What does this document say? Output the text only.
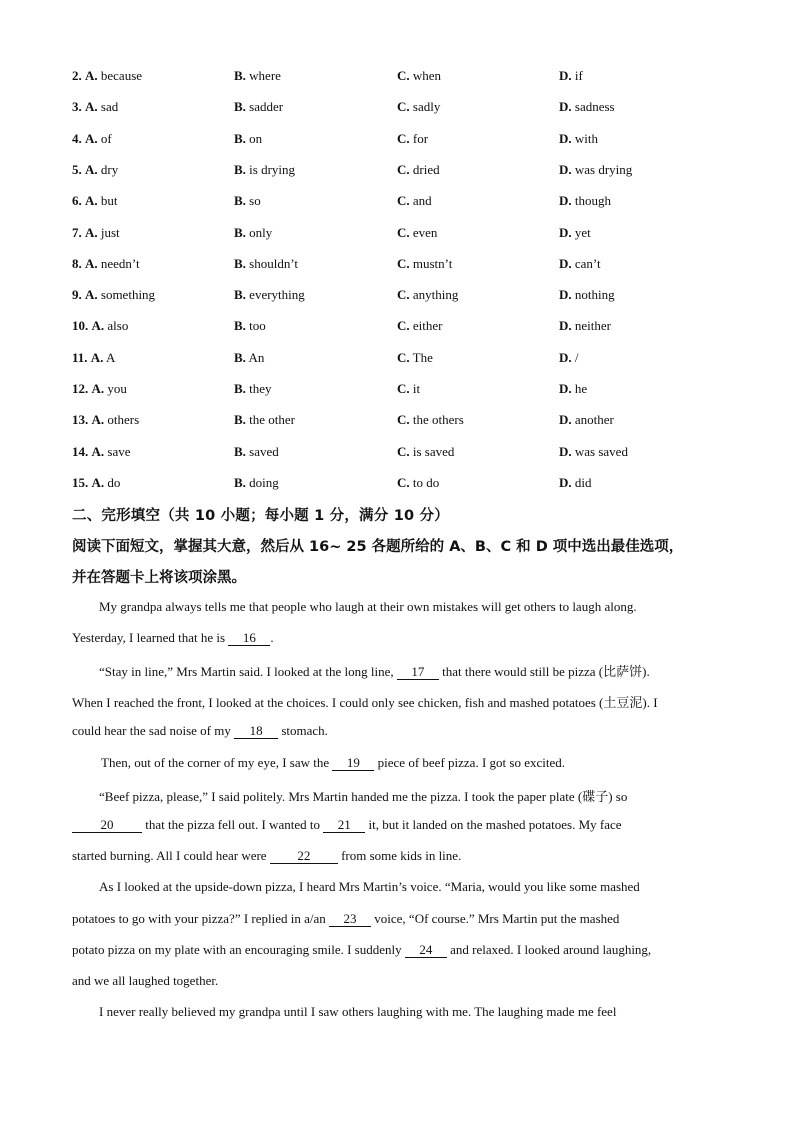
2. A. because	B. where	C. when	D. if
3. A. sad	B. sadder	C. sadly	D. sadness
4. A. of	B. on	C. for	D. with
5. A. dry	B. is drying	C. dried	D. was drying
6. A. but	B. so	C. and	D. though
7. A. just	B. only	C. even	D. yet
8. A. needn’t	B. shouldn’t	C. mustn’t	D. can’t
9. A. something	B. everything	C. anything	D. nothing
10. A. also	B. too	C. either	D. neither
11. A. A	B. An	C. The	D. /
12. A. you	B. they	C. it	D. he
13. A. others	B. the other	C. the others	D. another
14. A. save	B. saved	C. is saved	D. was saved
15. A. do	B. doing	C. to do	D. did
二、完形填空（共 10 小题；每小题 1 分，满分 10 分）
阅读下面短文，掌握其大意，然后从 16~ 25 各题所给的 A、B、C 和 D 项中选出最佳选项，
并在答题卡上将该项涂黑。
My grandpa always tells me that people who laugh at their own mistakes will get others to laugh along.
Yesterday, I learned that he is 16 .
“Stay in line,” Mrs Martin said. I looked at the long line, 17 that there would still be pizza (比萨饼).
When I reached the front, I looked at the choices. I could only see chicken, fish and mashed potatoes (土豆泥). I
could hear the sad noise of my 18 stomach.
Then, out of the corner of my eye, I saw the 19 piece of beef pizza. I got so excited.
“Beef pizza, please,” I said politely. Mrs Martin handed me the pizza. I took the paper plate (碟子) so
20 that the pizza fell out. I wanted to 21 it, but it landed on the mashed potatoes. My face
started burning. All I could hear were 22 from some kids in line.
As I looked at the upside-down pizza, I heard Mrs Martin’s voice. “Maria, would you like some mashed
potatoes to go with your pizza?” I replied in a/an 23 voice, “Of course.” Mrs Martin put the mashed
potato pizza on my plate with an encouraging smile. I suddenly 24 and relaxed. I looked around laughing,
and we all laughed together.
I never really believed my grandpa until I saw others laughing with me. The laughing made me feel
